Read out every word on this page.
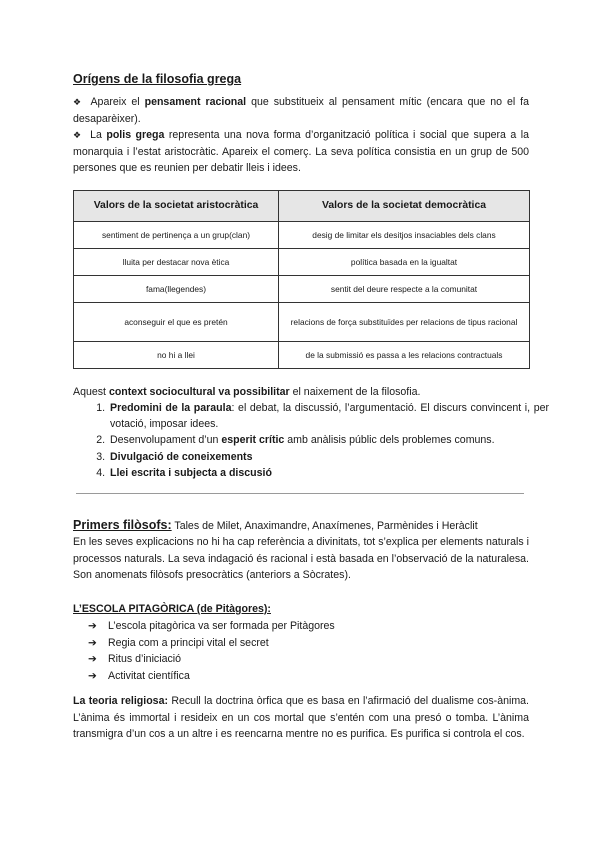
Orígens de la filosofia grega
❖ Apareix el pensament racional que substitueix al pensament mític (encara que no el fa desaparèixer).
❖ La polis grega representa una nova forma d’organització política i social que supera a la monarquia i l’estat aristocràtic. Apareix el comerç. La seva política consistia en un grup de 500 persones que es reunien per debatir lleis i idees.
Valors de la societat aristocràtica	Valors de la societat democràtica
sentiment de pertinença a un grup(clan)	desig de limitar els desitjos insaciables dels clans
lluita per destacar nova ètica	política basada en la igualtat
fama(llegendes)	sentit del deure respecte a la comunitat
aconseguir el que es pretén	relacions de força substituïdes per relacions de tipus racional
no hi a llei	de la submissió es passa a les relacions contractuals
Aquest context sociocultural va possibilitar el naixement de la filosofia.
1. Predomini de la paraula: el debat, la discussió, l’argumentació. El discurs convincent i, per votació, imposar idees.
2. Desenvolupament d’un esperit crític amb anàlisis públic dels problemes comuns.
3. Divulgació de coneixements
4. Llei escrita i subjecta a discusió
Primers filòsofs: Tales de Milet, Anaximandre, Anaxímenes, Parmènides i Heràclit
En les seves explicacions no hi ha cap referència a divinitats, tot s’explica per elements naturals i processos naturals. La seva indagació és racional i està basada en l’observació de la naturalesa. Son anomenats filòsofs presocràtics (anteriors a Sòcrates).
L’ESCOLA PITAGÒRICA (de Pitàgores):
➔ L’escola pitagòrica va ser formada per Pitàgores
➔ Regia com a principi vital el secret
➔ Ritus d’iniciació
➔ Activitat científica
La teoria religiosa: Recull la doctrina òrfica que es basa en l’afirmació del dualisme cos-ànima. L’ànima és immortal i resideix en un cos mortal que s’entén com una presó o tomba. L’ànima transmigra d’un cos a un altre i es reencarna mentre no es purifica. Es purifica si controla el cos.
